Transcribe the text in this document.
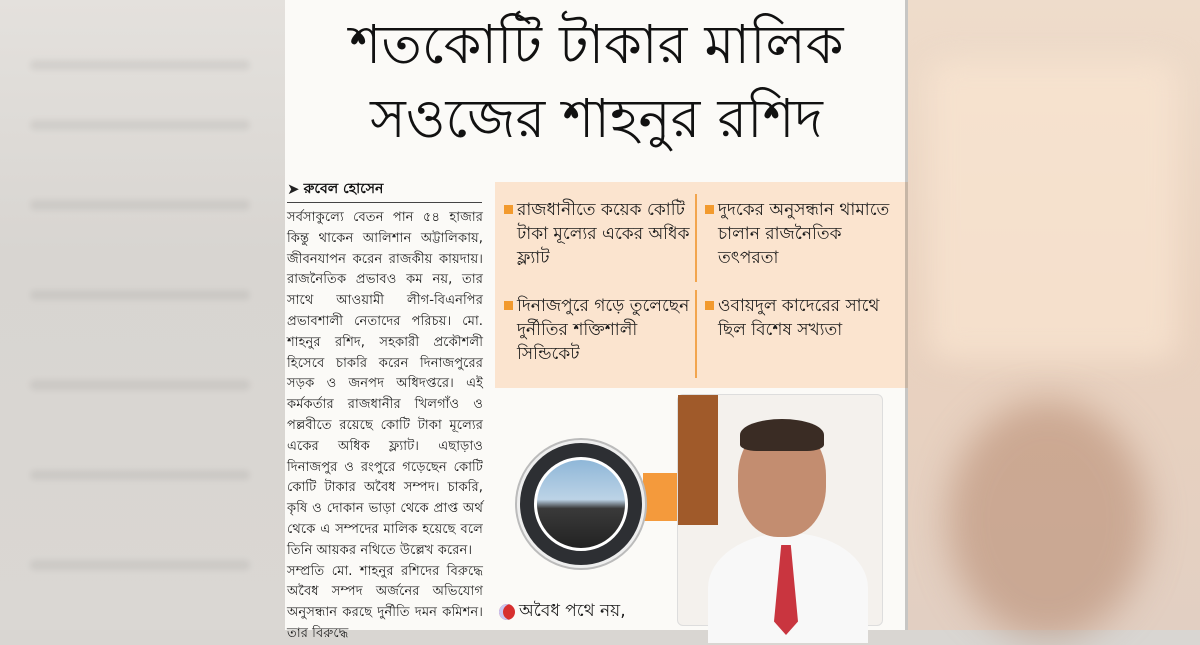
শতকোটি টাকার মালিক
সওজের শাহনুর রশিদ
➤ রুবেল হোসেন

সর্বসাকুল্যে বেতন পান ৫৪ হাজার কিন্তু থাকেন আলিশান অট্টালিকায়, জীবনযাপন করেন রাজকীয় কায়দায়। রাজনৈতিক প্রভাবও কম নয়, তার সাথে আওয়ামী লীগ-বিএনপির প্রভাবশালী নেতাদের পরিচয়। মো. শাহনুর রশিদ, সহকারী প্রকৌশলী হিসেবে চাকরি করেন দিনাজপুরের সড়ক ও জনপদ অধিদপ্তরে। এই কর্মকর্তার রাজধানীর খিলগাঁও ও পল্লবীতে রয়েছে কোটি টাকা মূল্যের একের অধিক ফ্ল্যাট। এছাড়াও দিনাজপুর ও রংপুরে গড়েছেন কোটি কোটি টাকার অবৈধ সম্পদ। চাকরি, কৃষি ও দোকান ভাড়া থেকে প্রাপ্ত অর্থ থেকে এ সম্পদের মালিক হয়েছে বলে তিনি আয়কর নথিতে উল্লেখ করেন।

সম্প্রতি মো. শাহনুর রশিদের বিরুদ্ধে অবৈধ সম্পদ অর্জনের অভিযোগ অনুসন্ধান করছে দুর্নীতি দমন কমিশন। তার বিরুদ্ধে

রাজধানীতে কয়েক কোটি টাকা মূল্যের একের অধিক ফ্ল্যাট
দুদকের অনুসন্ধান থামাতে চালান রাজনৈতিক তৎপরতা
দিনাজপুরে গড়ে তুলেছেন দুর্নীতির শক্তিশালী সিন্ডিকেট
ওবায়দুল কাদেরের সাথে ছিল বিশেষ সখ্যতা
অবৈধ পথে নয়,
